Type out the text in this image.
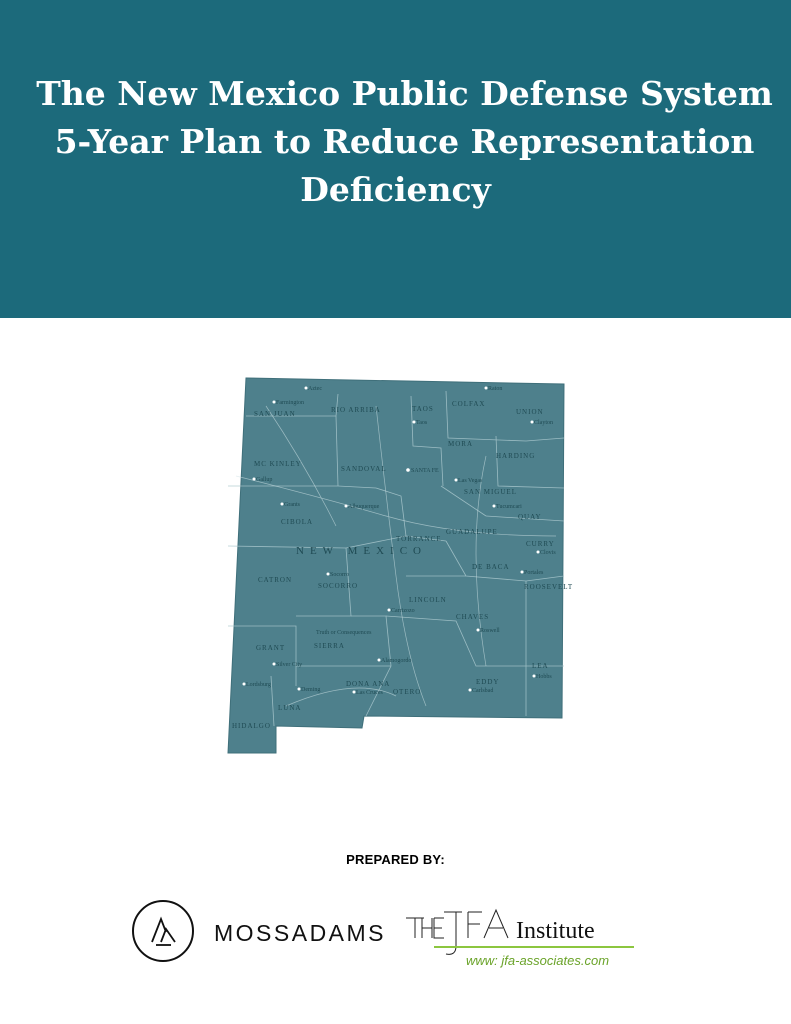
The New Mexico Public Defense System
5-Year Plan to Reduce Representation
Deficiency
SAN JUAN	RIO ARRIBA	TAOS
COLFAX
UNION
MC KINLEY
SANDOVAL
MORA
HARDING
SAN MIGUEL
CIBOLA
QUAY
GUADALUPE
TORRANCE
DE BACA
CURRY
CATRON
SOCORRO
LINCOLN
ROOSEVELT
CHAVES
GRANT	SIERRA
OTERO
EDDY
LEA
LUNA
DONA ANA
HIDALGO
NEW MEXICO
Farmington
Aztec
Gallup
Grants	Albuquerque
SANTA FE
Taos
Raton
Clayton
Las Vegas
Tucumcari
Clovis
Portales
Roswell
Carlsbad
Hobbs
Alamogordo
Las Cruces
Deming
Silver City
Socorro
Truth or Consequences
Carrizozo
Lordsburg
PREPARED BY:
MOSSADAMS	Institute
www: jfa-associates.com
